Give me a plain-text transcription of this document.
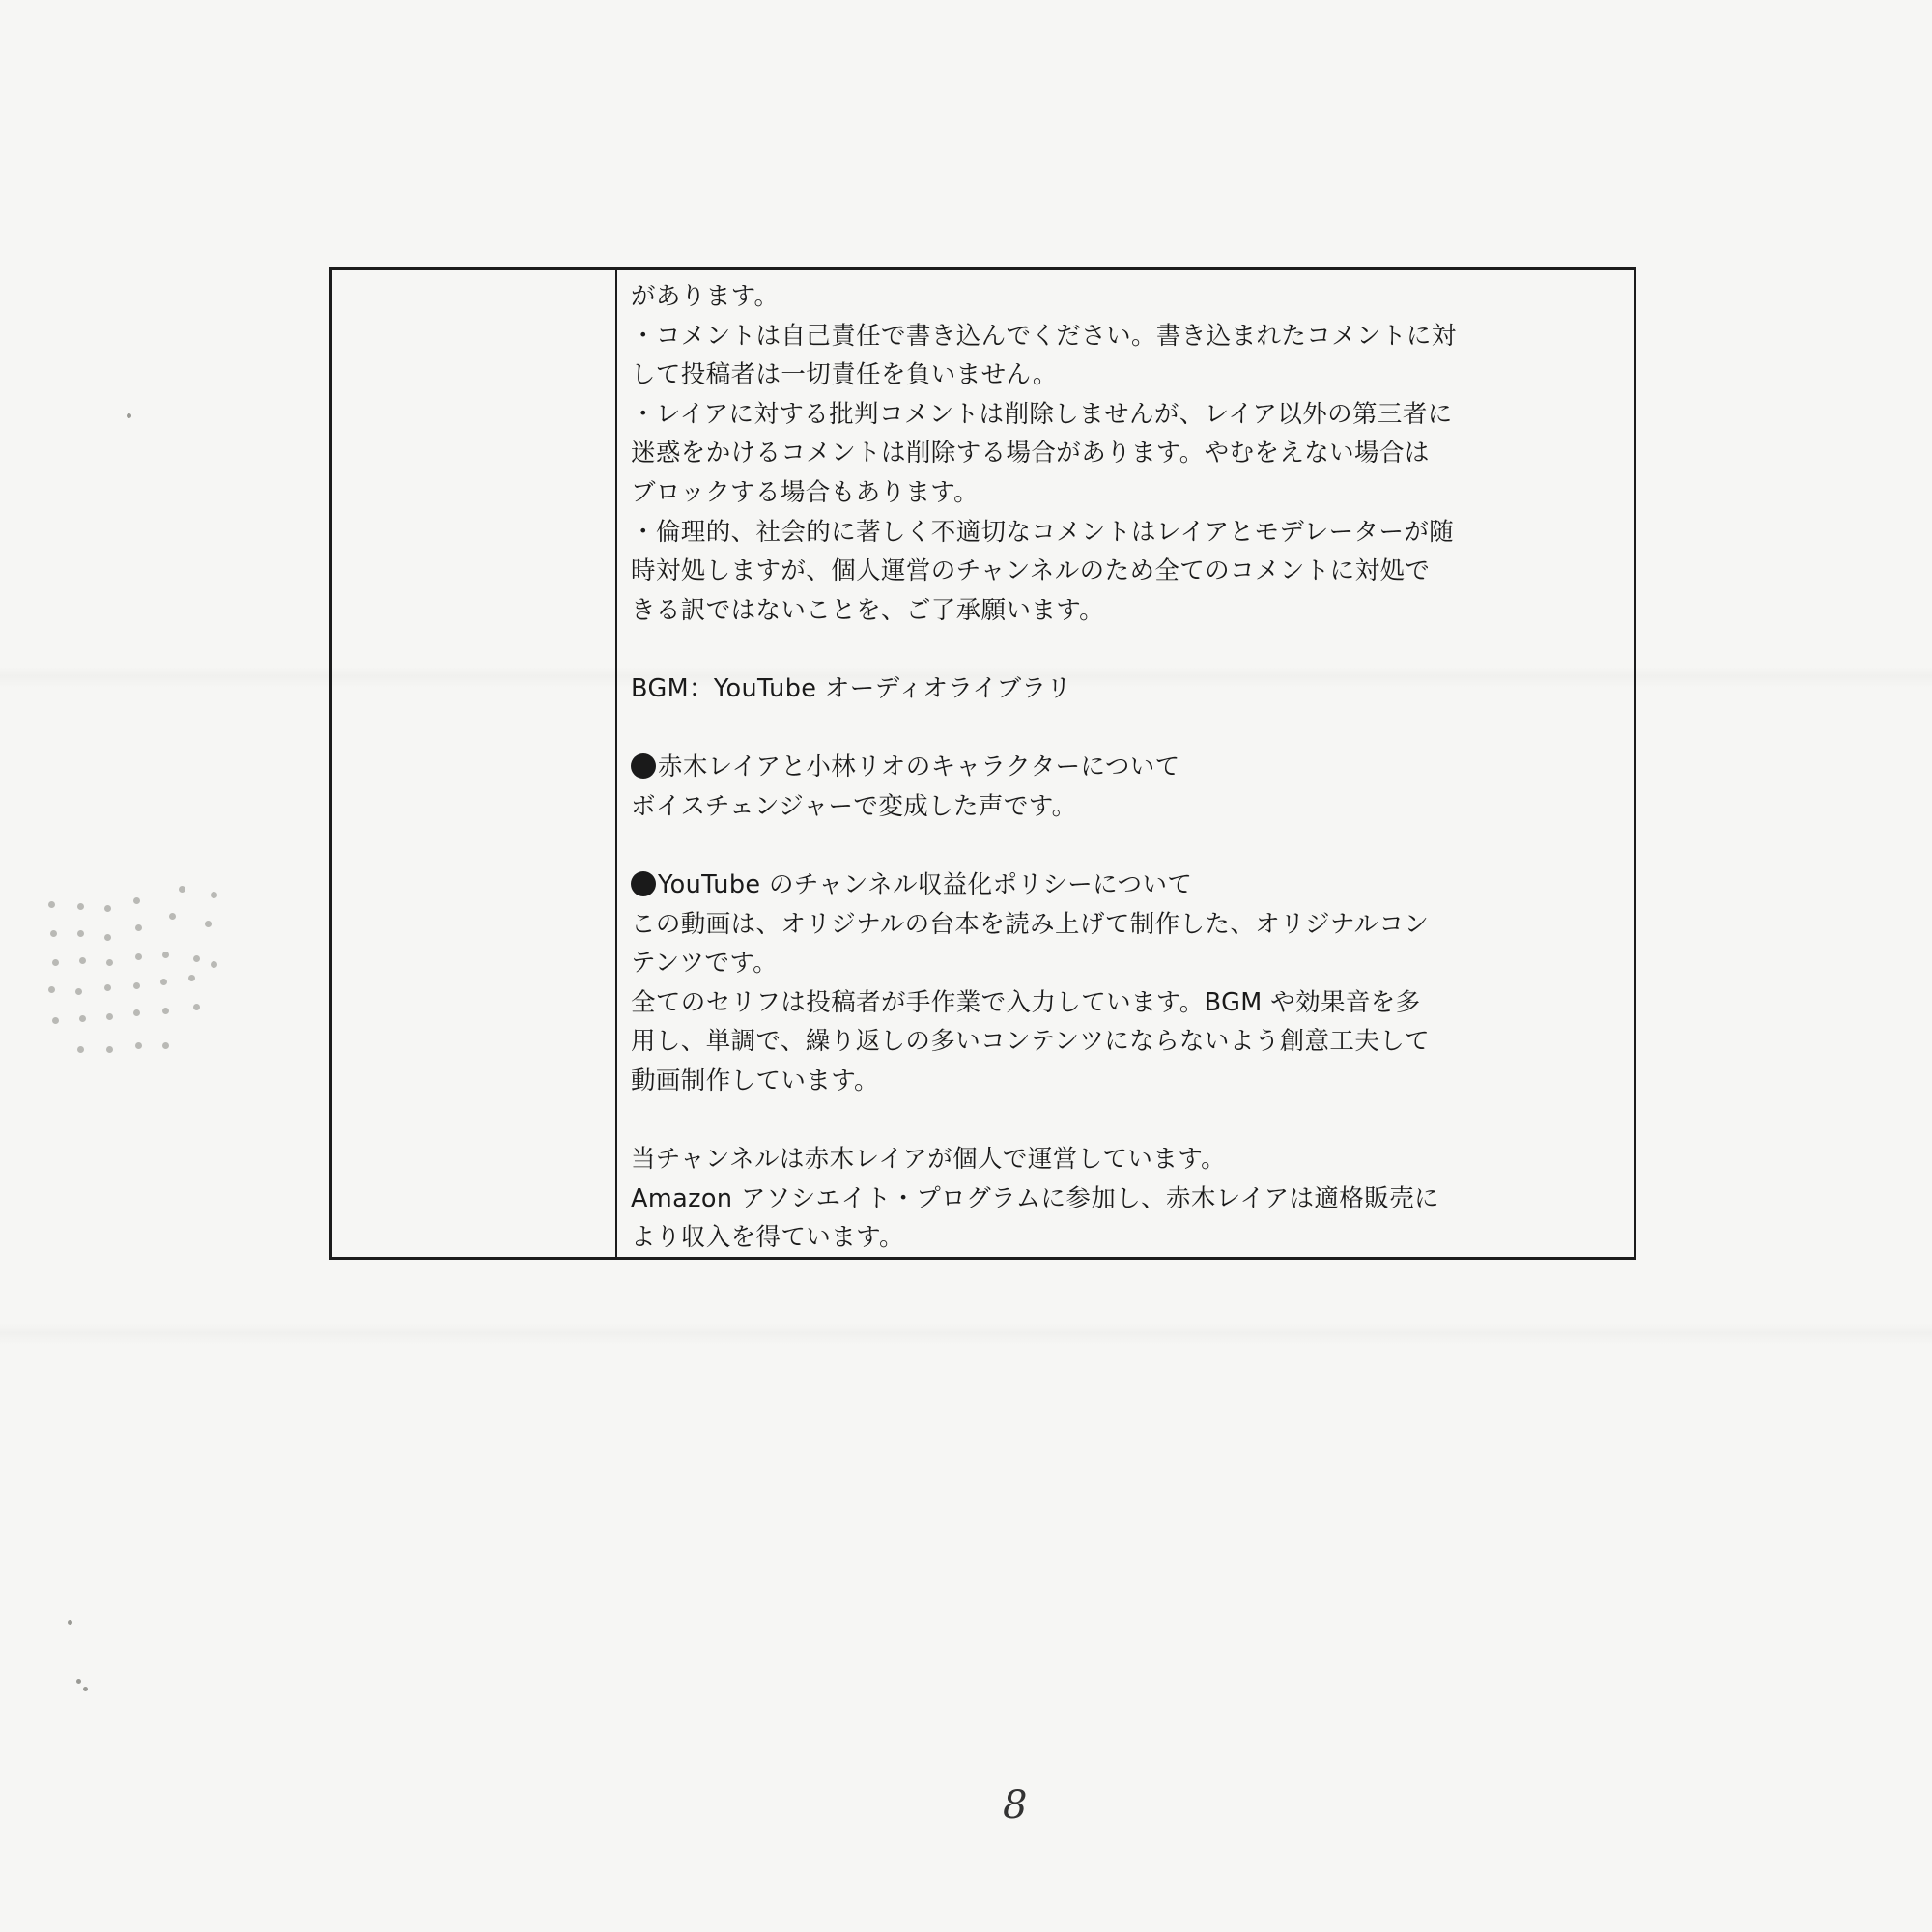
があります。
・コメントは自己責任で書き込んでください。書き込まれたコメントに対
して投稿者は一切責任を負いません。
・レイアに対する批判コメントは削除しませんが、レイア以外の第三者に
迷惑をかけるコメントは削除する場合があります。やむをえない場合は
ブロックする場合もあります。
・倫理的、社会的に著しく不適切なコメントはレイアとモデレーターが随
時対処しますが、個人運営のチャンネルのため全てのコメントに対処で
きる訳ではないことを、ご了承願います。
BGM：YouTube オーディオライブラリ
赤木レイアと小林リオのキャラクターについて
ボイスチェンジャーで変成した声です。
YouTube のチャンネル収益化ポリシーについて
この動画は、オリジナルの台本を読み上げて制作した、オリジナルコン
テンツです。
全てのセリフは投稿者が手作業で入力しています。BGM や効果音を多
用し、単調で、繰り返しの多いコンテンツにならないよう創意工夫して
動画制作しています。
当チャンネルは赤木レイアが個人で運営しています。
Amazon アソシエイト・プログラムに参加し、赤木レイアは適格販売に
より収入を得ています。
8
